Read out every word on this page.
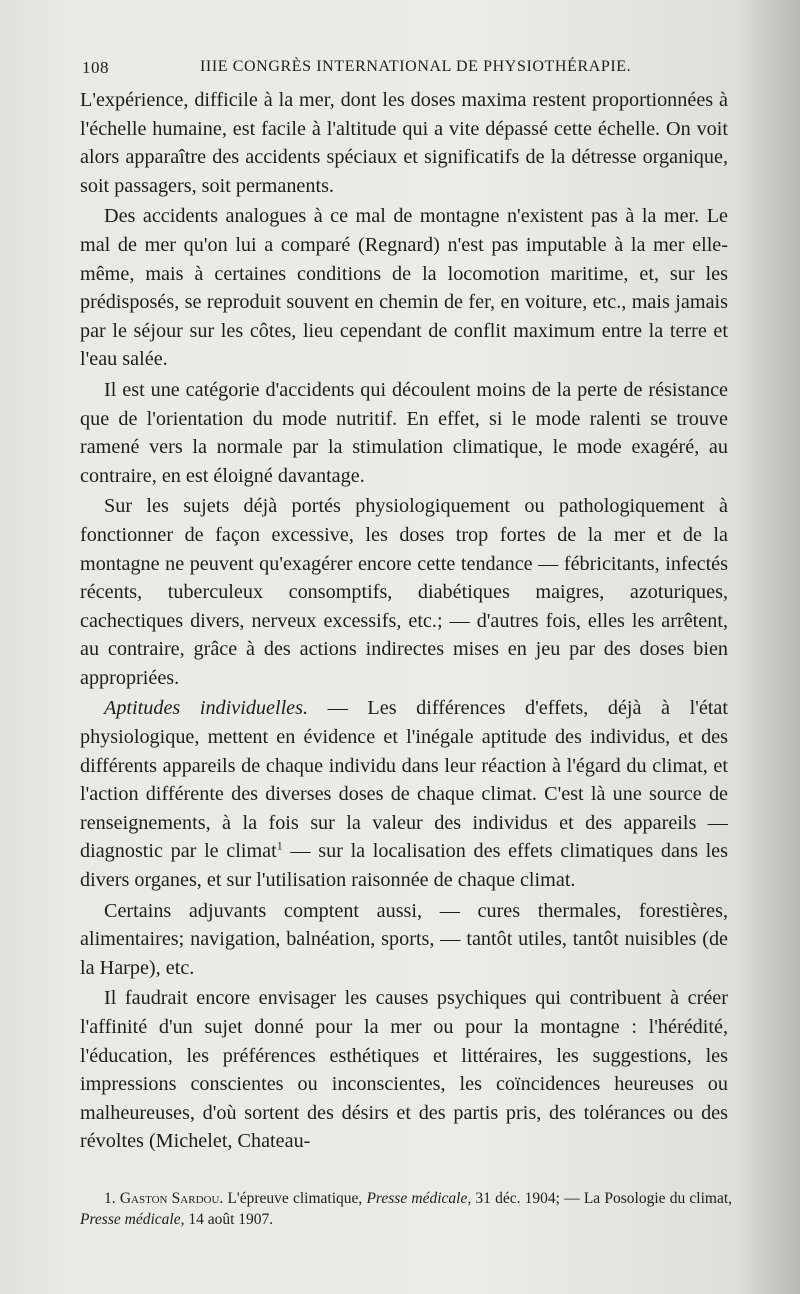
108	IIIE CONGRÈS INTERNATIONAL DE PHYSIOTHÉRAPIE.

L'expérience, difficile à la mer, dont les doses maxima restent proportionnées à l'échelle humaine, est facile à l'altitude qui a vite dépassé cette échelle. On voit alors apparaître des accidents spéciaux et significatifs de la détresse organique, soit passagers, soit permanents.

Des accidents analogues à ce mal de montagne n'existent pas à la mer. Le mal de mer qu'on lui a comparé (Regnard) n'est pas imputable à la mer elle-même, mais à certaines conditions de la locomotion maritime, et, sur les prédisposés, se reproduit souvent en chemin de fer, en voiture, etc., mais jamais par le séjour sur les côtes, lieu cependant de conflit maximum entre la terre et l'eau salée.

Il est une catégorie d'accidents qui découlent moins de la perte de résistance que de l'orientation du mode nutritif. En effet, si le mode ralenti se trouve ramené vers la normale par la stimulation climatique, le mode exagéré, au contraire, en est éloigné davantage.

Sur les sujets déjà portés physiologiquement ou pathologiquement à fonctionner de façon excessive, les doses trop fortes de la mer et de la montagne ne peuvent qu'exagérer encore cette tendance — fébricitants, infectés récents, tuberculeux consomptifs, diabétiques maigres, azoturiques, cachectiques divers, nerveux excessifs, etc.; — d'autres fois, elles les arrêtent, au contraire, grâce à des actions indirectes mises en jeu par des doses bien appropriées.

Aptitudes individuelles. — Les différences d'effets, déjà à l'état physiologique, mettent en évidence et l'inégale aptitude des individus, et des différents appareils de chaque individu dans leur réaction à l'égard du climat, et l'action différente des diverses doses de chaque climat. C'est là une source de renseignements, à la fois sur la valeur des individus et des appareils — diagnostic par le climat$^1$ — sur la localisation des effets climatiques dans les divers organes, et sur l'utilisation raisonnée de chaque climat.

Certains adjuvants comptent aussi, — cures thermales, forestières, alimentaires; navigation, balnéation, sports, — tantôt utiles, tantôt nuisibles (de la Harpe), etc.

Il faudrait encore envisager les causes psychiques qui contribuent à créer l'affinité d'un sujet donné pour la mer ou pour la montagne : l'hérédité, l'éducation, les préférences esthétiques et littéraires, les suggestions, les impressions conscientes ou inconscientes, les coïncidences heureuses ou malheureuses, d'où sortent des désirs et des partis pris, des tolérances ou des révoltes (Michelet, Chateau-

1. Gaston Sardou. L'épreuve climatique, Presse médicale, 31 déc. 1904; — La Posologie du climat, Presse médicale, 14 août 1907.
